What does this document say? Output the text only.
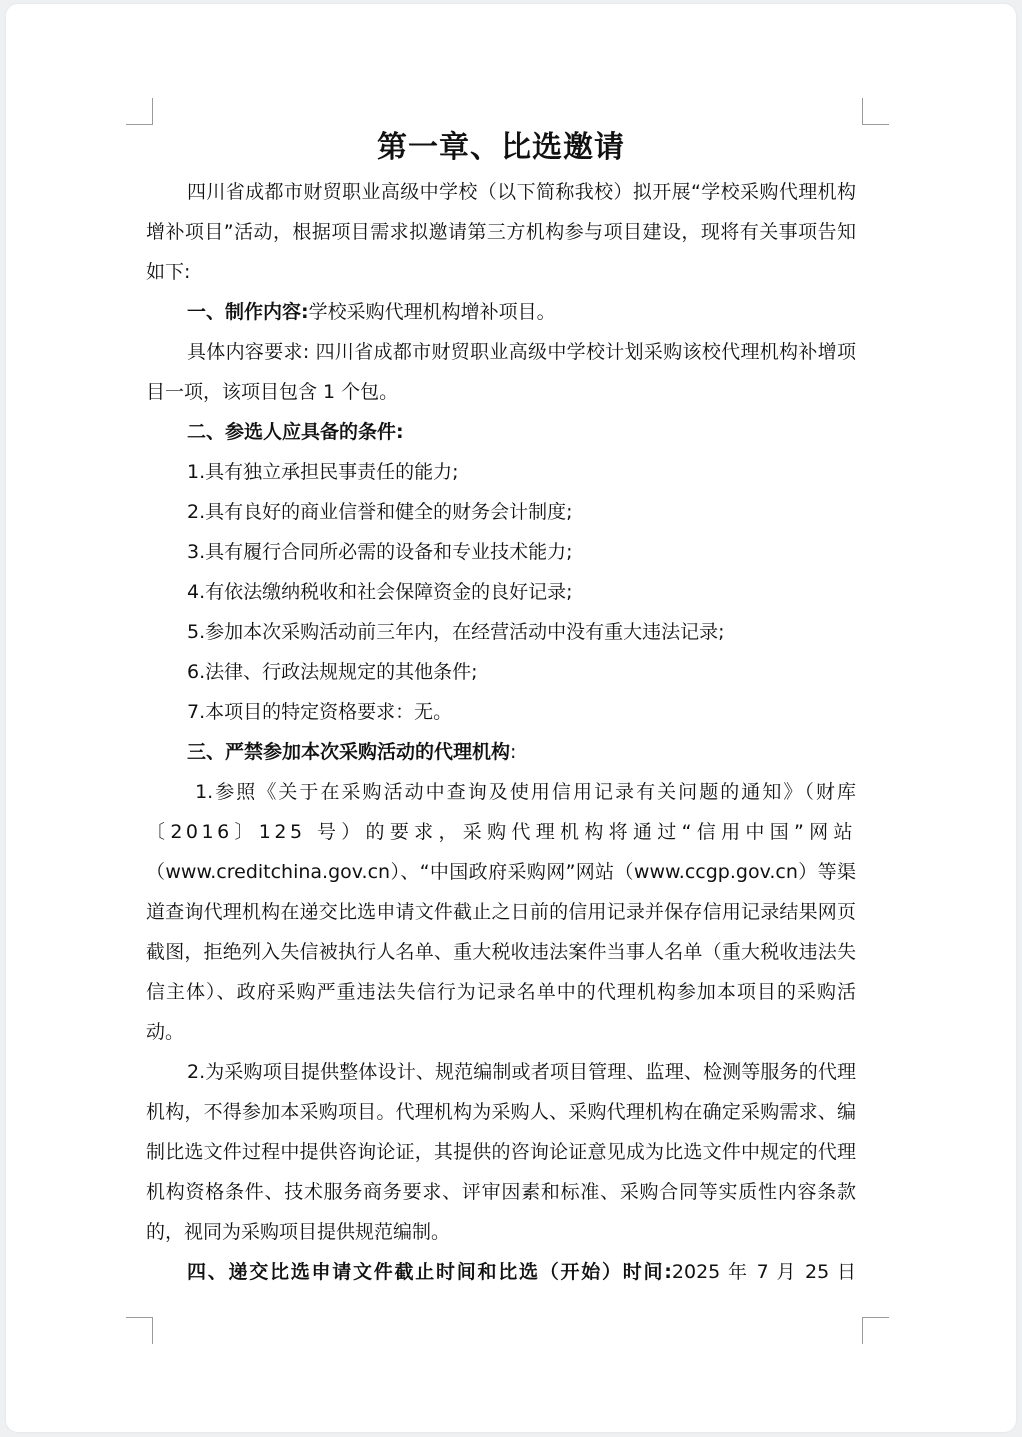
第一章、比选邀请

四川省成都市财贸职业高级中学校（以下简称我校）拟开展“学校采购代理机构增补项目”活动，根据项目需求拟邀请第三方机构参与项目建设，现将有关事项告知如下:

一、制作内容:学校采购代理机构增补项目。

具体内容要求: 四川省成都市财贸职业高级中学校计划采购该校代理机构补增项目一项，该项目包含 1 个包。

二、参选人应具备的条件:

1.具有独立承担民事责任的能力;

2.具有良好的商业信誉和健全的财务会计制度;

3.具有履行合同所必需的设备和专业技术能力;

4.有依法缴纳税收和社会保障资金的良好记录;

5.参加本次采购活动前三年内，在经营活动中没有重大违法记录;

6.法律、行政法规规定的其他条件;

7.本项目的特定资格要求：无。

三、严禁参加本次采购活动的代理机构:

1.参照《关于在采购活动中查询及使用信用记录有关问题的通知》（财库

〔2016〕125 号）的要求，采购代理机构将通过“信用中国”网站

（www.creditchina.gov.cn）、“中国政府采购网”网站（www.ccgp.gov.cn）等渠道查询代理机构在递交比选申请文件截止之日前的信用记录并保存信用记录结果网页截图，拒绝列入失信被执行人名单、重大税收违法案件当事人名单（重大税收违法失信主体）、政府采购严重违法失信行为记录名单中的代理机构参加本项目的采购活动。

2.为采购项目提供整体设计、规范编制或者项目管理、监理、检测等服务的代理机构，不得参加本采购项目。代理机构为采购人、采购代理机构在确定采购需求、编制比选文件过程中提供咨询论证，其提供的咨询论证意见成为比选文件中规定的代理机构资格条件、技术服务商务要求、评审因素和标准、采购合同等实质性内容条款的，视同为采购项目提供规范编制。

四、递交比选申请文件截止时间和比选（开始）时间:2025 年 7 月 25 日
